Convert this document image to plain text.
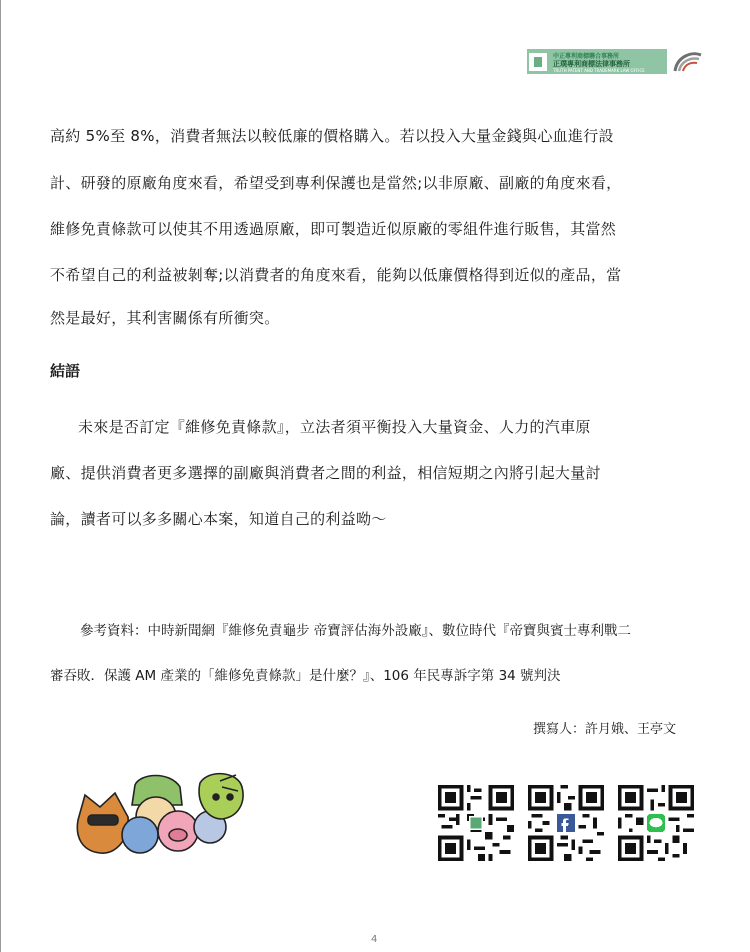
中正專利商標聯合事務所
正璞專利商標法律事務所
TRUTH PATENT AND TRADEMARK LAW OFFICE
高約 5%至 8%，消費者無法以較低廉的價格購入。若以投入大量金錢與心血進行設
計、研發的原廠角度來看，希望受到專利保護也是當然;以非原廠、副廠的角度來看，
維修免責條款可以使其不用透過原廠，即可製造近似原廠的零組件進行販售，其當然
不希望自己的利益被剝奪;以消費者的角度來看，能夠以低廉價格得到近似的產品，當
然是最好，其利害關係有所衝突。
結語
未來是否訂定『維修免責條款』，立法者須平衡投入大量資金、人力的汽車原
廠、提供消費者更多選擇的副廠與消費者之間的利益，相信短期之內將引起大量討
論，讀者可以多多關心本案，知道自己的利益呦～
參考資料：中時新聞網『維修免責龜步 帝寶評估海外設廠』、數位時代『帝寶與賓士專利戰二
審吞敗．保護 AM 產業的「維修免責條款」是什麼？』、106 年民專訴字第 34 號判決
撰寫人：許月娥、王亭文
4
